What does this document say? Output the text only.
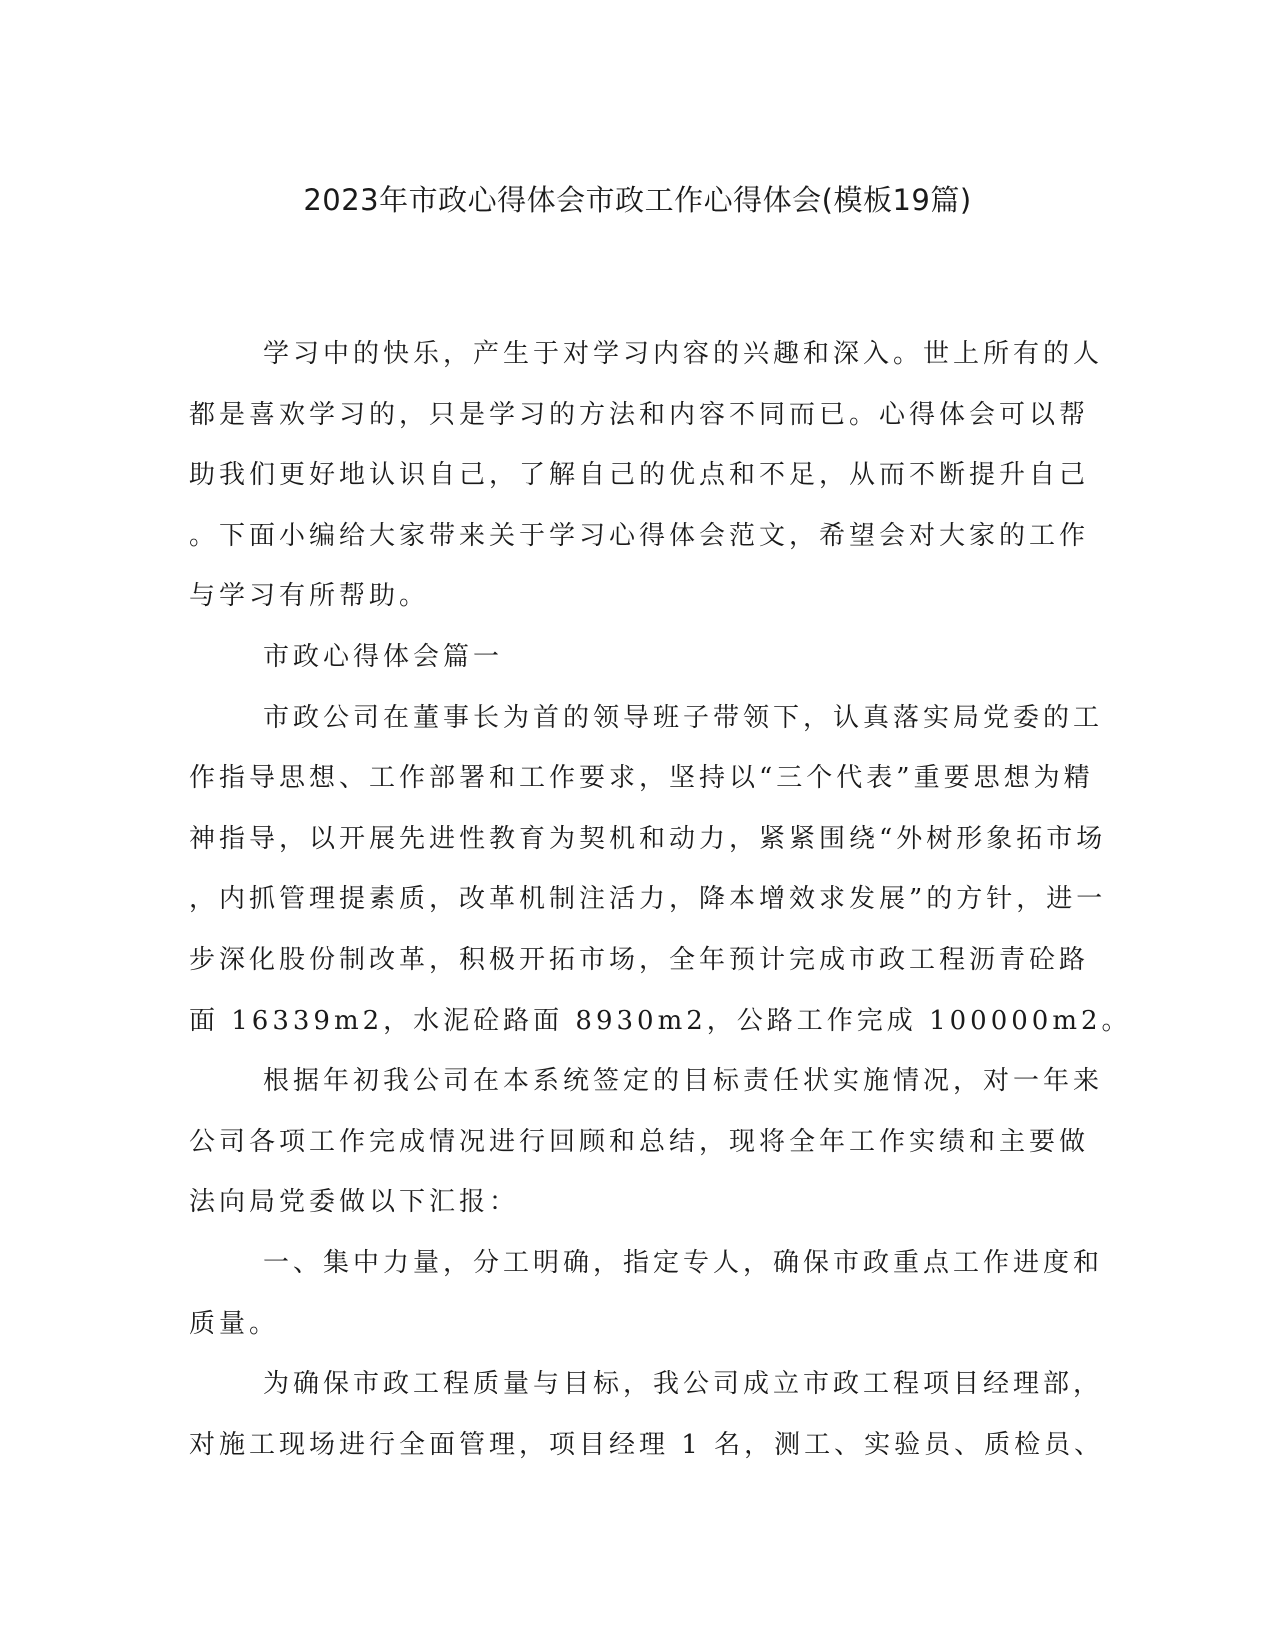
2023年市政心得体会市政工作心得体会(模板19篇)
学习中的快乐，产生于对学习内容的兴趣和深入。世上所有的人
都是喜欢学习的，只是学习的方法和内容不同而已。心得体会可以帮
助我们更好地认识自己，了解自己的优点和不足，从而不断提升自己
。下面小编给大家带来关于学习心得体会范文，希望会对大家的工作
与学习有所帮助。
市政心得体会篇一
市政公司在董事长为首的领导班子带领下，认真落实局党委的工
作指导思想、工作部署和工作要求，坚持以“三个代表”重要思想为精
神指导，以开展先进性教育为契机和动力，紧紧围绕“外树形象拓市场
，内抓管理提素质，改革机制注活力，降本增效求发展”的方针，进一
步深化股份制改革，积极开拓市场，全年预计完成市政工程沥青砼路
面 16339m2，水泥砼路面 8930m2，公路工作完成 100000m2。
根据年初我公司在本系统签定的目标责任状实施情况，对一年来
公司各项工作完成情况进行回顾和总结，现将全年工作实绩和主要做
法向局党委做以下汇报：
一、集中力量，分工明确，指定专人，确保市政重点工作进度和
质量。
为确保市政工程质量与目标，我公司成立市政工程项目经理部，
对施工现场进行全面管理，项目经理 1 名，测工、实验员、质检员、
